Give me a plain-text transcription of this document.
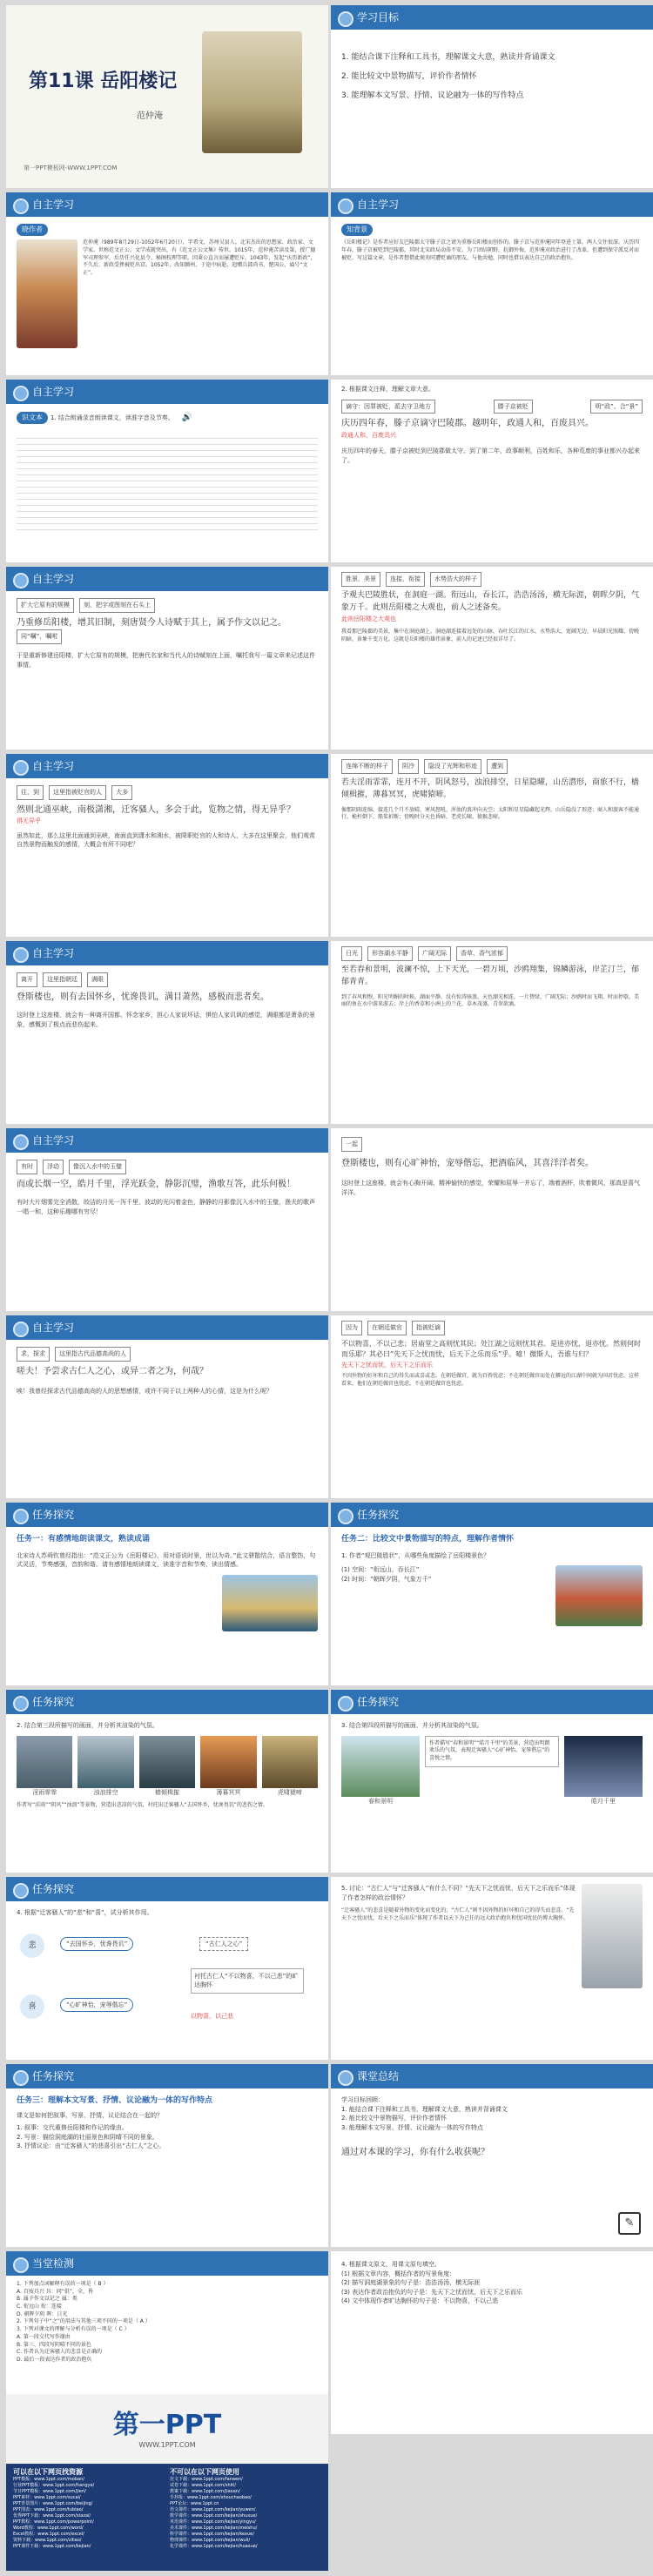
第11课 岳阳楼记
范仲淹
第一PPT模板网-WWW.1PPT.COM
学习目标
1. 能结合课下注释和工具书，理解课文大意，熟读并背诵课文
2. 能比较文中景物描写，评价作者情怀
3. 能理解本文写景、抒情、议论融为一体的写作特点
自主学习
晓作者
范仲淹（989年8月29日-1052年6月20日），字希文，苏州吴县人。北宋杰出的思想家、政治家、文学家。世称范文正公。文学成就突出，有《范文正公文集》传世。1015年，范仲淹苦读及第，授广德军司理参军，后历任兴化县令、秘阁校理等职。因秉公直言而屡遭贬斥。1043年，发起“庆历新政”，不久后，新政受挫被贬出京。1052年，改知颍州，于途中病逝，追赠兵部尚书、楚国公，谥号“文正”。
自主学习
知背景
《岳阳楼记》是作者应好友巴陵郡太守滕子京之请为重修岳阳楼而创作的。滕子京与范仲淹同年登进士第，两人交往很深。庆历四年春，滕子京被贬到巴陵郡，其时北宋政局动荡不安。为了团结朝野，抗御外侮，范仲淹对政治进行了改革，但遭到保守派反对而被贬。写这篇文章，是作者想借此规劝同遭贬谪的朋友，与他共勉，同时也借以表达自己的政治抱负。
自主学习
识文本 1. 结合朗诵录音朗读课文，读准字音及节奏。 🔊
2. 根据课文注释，理解文章大意。
谪守：因罪被贬，派去守卫地方	滕子京被贬	明“政”、合“景”
庆历四年春，滕子京谪守巴陵郡。越明年，政通人和，百废具兴。
政通人和，百废具兴
庆历四年的春天，滕子京被贬到巴陵郡做太守。到了第二年，政事顺利，百姓和乐，各种荒废的事业都兴办起来了。
自主学习
扩大它原有的规模	刻，把字或图刻在石头上
乃重修岳阳楼，增其旧制，刻唐贤今人诗赋于其上，属予作文以记之。
同“嘱”，嘱咐
于是重新修建岳阳楼，扩大它原有的规模，把唐代名家和当代人的诗赋刻在上面，嘱托我写一篇文章来记述这件事情。
胜景，美景	连接，衔接	水势浩大的样子
予观夫巴陵胜状，在洞庭一湖。衔远山，吞长江，浩浩汤汤，横无际涯，朝晖夕阴，气象万千。此则岳阳楼之大观也，前人之述备矣。
此则岳阳楼之大观也
我看那巴陵郡的美景，集中在洞庭湖上。洞庭湖连接着远处的山脉，吞吐长江的江水，水势浩大，宽阔无边，早晨阳光照耀，傍晚阴暗，景象千变万化。这就是岳阳楼的雄伟景象，前人的记述已经很详尽了。
自主学习
往，到	这里指被贬官的人	大多
然则北通巫峡，南极潇湘，迁客骚人，多会于此，览物之情，得无异乎？
得无异乎
虽然如此，那么这里北面通到巫峡，南面直到潇水和湘水，被降职贬官的人和诗人，大多在这里聚会，他们观赏自然景物而触发的感情，大概会有所不同吧？
连绵不断的样子	阴冷	隐没了光辉和形迹	遭到
若夫淫雨霏霏，连月不开，阴风怒号，浊浪排空，日星隐曜，山岳潜形，商旅不行，樯倾楫摧，薄暮冥冥，虎啸猿啼。
像那阴雨连绵，接连几个月不放晴，寒风怒吼，浑浊的浪冲向天空；太阳和星星隐藏起光辉，山岳隐没了形迹；商人和旅客不能通行，桅杆倒下，船桨折断；傍晚时分天色昏暗，老虎长啸，猿猴悲啼。
自主学习
离开	这里指朝廷	满眼
登斯楼也，则有去国怀乡，忧谗畏讥，满目萧然，感极而悲者矣。
这时登上这座楼，就会有一种离开国都、怀念家乡，担心人家说坏话、惧怕人家讥讽的感觉，满眼都是萧条的景象，感慨到了极点而悲伤起来。
日光	形容湖水平静	广阔无际	香草，香气浓郁
至若春和景明，波澜不惊，上下天光，一碧万顷，沙鸥翔集，锦鳞游泳，岸芷汀兰，郁郁青青。
到了春风和煦、阳光明媚的时候，湖面平静，没有惊涛骇浪，天色湖光相连，一片碧绿，广阔无际；沙鸥时而飞翔，时而停歇，美丽的鱼在水中游来游去；岸上的香草和小洲上的兰花，草木茂盛，青翠欲滴。
自主学习
有时	浮动	像沉入水中的玉璧
而或长烟一空，皓月千里，浮光跃金，静影沉璧，渔歌互答，此乐何极！
有时大片烟雾完全消散，皎洁的月光一泻千里，波动的光闪着金色，静静的月影像沉入水中的玉璧，渔夫的歌声一唱一和，这种乐趣哪有穷尽！
一起
登斯楼也，则有心旷神怡，宠辱偕忘，把酒临风，其喜洋洋者矣。
这时登上这座楼，就会有心胸开阔、精神愉快的感觉，荣耀和屈辱一并忘了，端着酒杯，吹着微风，那真是喜气洋洋。
自主学习
求，探求	这里指古代品德高尚的人
嗟夫！予尝求古仁人之心，或异二者之为，何哉？
唉！我曾经探求古代品德高尚的人的思想感情，或许不同于以上两种人的心情，这是为什么呢？
因为	在朝廷做官	指被贬谪
不以物喜，不以己悲；居庙堂之高则忧其民；处江湖之远则忧其君。是进亦忧，退亦忧。然则何时而乐耶？其必曰“先天下之忧而忧，后天下之乐而乐”乎。噫！微斯人，吾谁与归？
先天下之忧而忧，后天下之乐而乐
不因外物的好坏和自己的得失而或喜或悲。在朝廷做官，就为百姓忧虑；不在朝廷做官而处在僻远的江湖中间就为国君忧虑。这样看来，他们在朝廷做官也忧虑，不在朝廷做官也忧虑。
任务探究
任务一：有感情地朗读课文，熟读成诵
北宋诗人苏舜钦曾经指出：“范文正公为《岳阳楼记》，用对语说时景，世以为奇。”此文骈散结合，语言整饬，句式灵活，节奏感强，音韵和谐。请有感情地朗读课文，读准字音和节奏，读出情感。
任务探究
任务二：比较文中景物描写的特点，理解作者情怀
1. 作者“观巴陵胜状”，从哪些角度描绘了岳阳楼景色？
(1) 空间：“衔远山，吞长江”
(2) 时间：“朝晖夕阴，气象万千”
任务探究
2. 结合第三段所描写的画面，并分析其渲染的气氛。
淫雨霏霏	浊浪排空	樯倾楫摧	薄暮冥冥	虎啸猿啼
作者写“淫雨”“阴风”“浊浪”等景物，营造出悲凉的气氛，衬托出迁客骚人“去国怀乡，忧谗畏讥”的悲伤之情。
任务探究
3. 结合第四段所描写的画面，并分析其渲染的气氛。
春和景明
作者描写“春和景明”“皓月千里”的美景，营造出明朗欢乐的气氛，表现迁客骚人“心旷神怡，宠辱偕忘”的喜悦之情。
皓月千里
任务探究
4. 根据“迁客骚人”的“悲”和“喜”，试分析其作用。
悲
喜
“去国怀乡，忧谗畏讥”
“心旷神怡，宠辱偕忘”
“古仁人之心”
衬托古仁人“不以物喜，不以己悲”的旷达胸怀
以物喜，以己悲
5. 讨论：“古仁人”与“迁客骚人”有什么不同？“先天下之忧而忧，后天下之乐而乐”体现了作者怎样的政治情怀？
“迁客骚人”的悲喜是随着外物的变化而变化的；“古仁人”则不因外物的好坏和自己的得失而悲喜。“先天下之忧而忧，后天下之乐而乐”体现了作者以天下为己任的远大政治抱负和忧国忧民的博大胸怀。
任务探究
任务三：理解本文写景、抒情、议论融为一体的写作特点
课文是如何把叙事、写景、抒情、议论结合在一起的？
1. 叙事：交代重修岳阳楼和作记的缘由。
2. 写景：描绘洞庭湖的壮丽景色和阴晴不同的景象。
3. 抒情议论：由“迁客骚人”的悲喜引出“古仁人”之心。
课堂总结
学习目标回顾：
1. 能结合课下注释和工具书，理解课文大意，熟读并背诵课文
2. 能比较文中景物描写，评价作者情怀
3. 能理解本文写景、抒情、议论融为一体的写作特点
通过对本课的学习，你有什么收获呢？
✎
当堂检测
1. 下列加点词解释有误的一项是（ B ）
A. 百废具兴 具：同“俱”，全，皆
B. 属予作文以记之 属：类
C. 衔远山 衔：连接
D. 朝晖夕阴 晖：日光
2. 下列句子中“之”的用法与其他三项不同的一项是（ A ）
3. 下列对课文的理解与分析有误的一项是（ C ）
A. 第一段交代写作缘由
B. 第三、四段写阴晴不同的景色
C. 作者认为迁客骚人的悲喜是正确的
D. 最后一段表达作者的政治抱负
4. 根据课文原文，用课文原句填空。
(1) 根据文章内容，概括作者的写景角度：
(2) 描写洞庭湖景象的句子是：浩浩汤汤，横无际涯
(3) 表达作者政治抱负的句子是：先天下之忧而忧，后天下之乐而乐
(4) 文中体现作者旷达胸怀的句子是：不以物喜，不以己悲
第一PPT
WWW.1PPT.COM
可以在以下网页找资源
PPT模板：www.1ppt.com/moban/
行业PPT模板：www.1ppt.com/hangye/
节日PPT模板：www.1ppt.com/jieri/
PPT素材：www.1ppt.com/sucai/
PPT背景图片：www.1ppt.com/beijing/
PPT图表：www.1ppt.com/tubiao/
优秀PPT下载：www.1ppt.com/xiazai/
PPT教程：www.1ppt.com/powerpoint/
Word教程：www.1ppt.com/word/
Excel教程：www.1ppt.com/excel/
资料下载：www.1ppt.com/ziliao/
PPT课件下载：www.1ppt.com/kejian/
不可以在以下网页使用
范文下载：www.1ppt.com/fanwen/
试卷下载：www.1ppt.com/shiti/
教案下载：www.1ppt.com/jiaoan/
手抄报：www.1ppt.com/shouchaobao/
PPT论坛：www.1ppt.cn
语文课件：www.1ppt.com/kejian/yuwen/
数学课件：www.1ppt.com/kejian/shuxue/
英语课件：www.1ppt.com/kejian/yingyu/
美术课件：www.1ppt.com/kejian/meishu/
科学课件：www.1ppt.com/kejian/kexue/
物理课件：www.1ppt.com/kejian/wuli/
化学课件：www.1ppt.com/kejian/huaxue/
